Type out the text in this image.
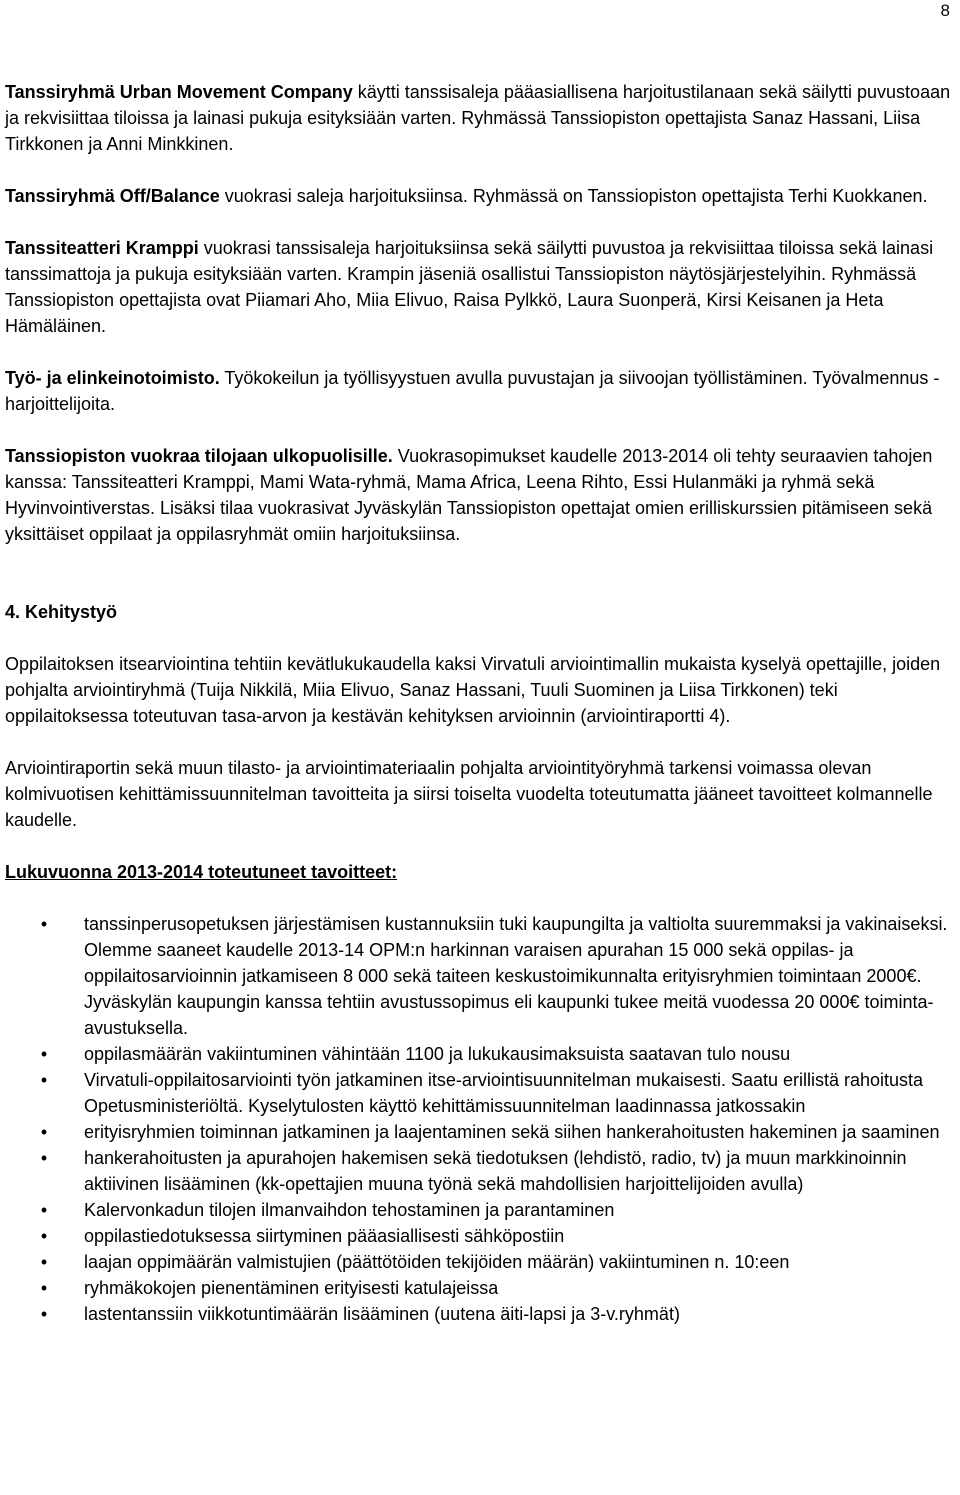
8

Tanssiryhmä Urban Movement Company käytti tanssisaleja pääasiallisena harjoitustilanaan sekä säilytti puvustoaan ja rekvisiittaa tiloissa ja lainasi pukuja esityksiään varten. Ryhmässä Tanssiopiston opettajista Sanaz Hassani, Liisa Tirkkonen ja Anni Minkkinen.

Tanssiryhmä Off/Balance vuokrasi saleja harjoituksiinsa. Ryhmässä on Tanssiopiston opettajista Terhi Kuokkanen.

Tanssiteatteri Kramppi vuokrasi tanssisaleja harjoituksiinsa sekä säilytti puvustoa ja rekvisiittaa tiloissa sekä lainasi tanssimattoja ja pukuja esityksiään varten. Krampin jäseniä osallistui Tanssiopiston näytösjärjestelyihin. Ryhmässä Tanssiopiston opettajista ovat Piiamari Aho, Miia Elivuo, Raisa Pylkkö, Laura Suonperä, Kirsi Keisanen ja Heta Hämäläinen.

Työ- ja elinkeinotoimisto. Työkokeilun ja työllisyystuen avulla puvustajan ja siivoojan työllistäminen. Työvalmennus -harjoittelijoita.

Tanssiopiston vuokraa tilojaan ulkopuolisille. Vuokrasopimukset kaudelle 2013-2014 oli tehty seuraavien tahojen kanssa: Tanssiteatteri Kramppi, Mami Wata-ryhmä, Mama Africa, Leena Rihto, Essi Hulanmäki ja ryhmä sekä Hyvinvointiverstas. Lisäksi tilaa vuokrasivat Jyväskylän Tanssiopiston opettajat omien erilliskurssien pitämiseen sekä yksittäiset oppilaat ja oppilasryhmät omiin harjoituksiinsa.

4. Kehitystyö

Oppilaitoksen itsearviointina tehtiin kevätlukukaudella kaksi Virvatuli arviointimallin mukaista kyselyä opettajille, joiden pohjalta arviointiryhmä (Tuija Nikkilä, Miia Elivuo, Sanaz Hassani, Tuuli Suominen ja Liisa Tirkkonen) teki oppilaitoksessa toteutuvan tasa-arvon ja kestävän kehityksen arvioinnin (arviointiraportti 4).

Arviointiraportin sekä muun tilasto- ja arviointimateriaalin pohjalta arviointityöryhmä tarkensi voimassa olevan kolmivuotisen kehittämissuunnitelman tavoitteita ja siirsi toiselta vuodelta toteutumatta jääneet tavoitteet kolmannelle kaudelle.

Lukuvuonna 2013-2014 toteutuneet tavoitteet:

• tanssinperusopetuksen järjestämisen kustannuksiin tuki kaupungilta ja valtiolta suuremmaksi ja vakinaiseksi. Olemme saaneet kaudelle 2013-14 OPM:n harkinnan varaisen apurahan 15 000 sekä oppilas- ja oppilaitosarvioinnin jatkamiseen 8 000 sekä taiteen keskustoimikunnalta erityisryhmien toimintaan 2000€. Jyväskylän kaupungin kanssa tehtiin avustussopimus eli kaupunki tukee meitä vuodessa 20 000€ toiminta-avustuksella.
• oppilasmäärän vakiintuminen vähintään 1100 ja lukukausimaksuista saatavan tulo nousu
• Virvatuli-oppilaitosarviointi työn jatkaminen itse-arviointisuunnitelman mukaisesti. Saatu erillistä rahoitusta Opetusministeriöltä. Kyselytulosten käyttö kehittämissuunnitelman laadinnassa jatkossakin
• erityisryhmien toiminnan jatkaminen ja laajentaminen sekä siihen hankerahoitusten hakeminen ja saaminen
• hankerahoitusten ja apurahojen hakemisen sekä tiedotuksen (lehdistö, radio, tv) ja muun markkinoinnin aktiivinen lisääminen (kk-opettajien muuna työnä sekä mahdollisien harjoittelijoiden avulla)
• Kalervonkadun tilojen ilmanvaihdon tehostaminen ja parantaminen
• oppilastiedotuksessa siirtyminen pääasiallisesti sähköpostiin
• laajan oppimäärän valmistujien (päättötöiden tekijöiden määrän) vakiintuminen n. 10:een
• ryhmäkokojen pienentäminen erityisesti katulajeissa
• lastentanssiin viikkotuntimäärän lisääminen (uutena äiti-lapsi ja 3-v.ryhmät)
